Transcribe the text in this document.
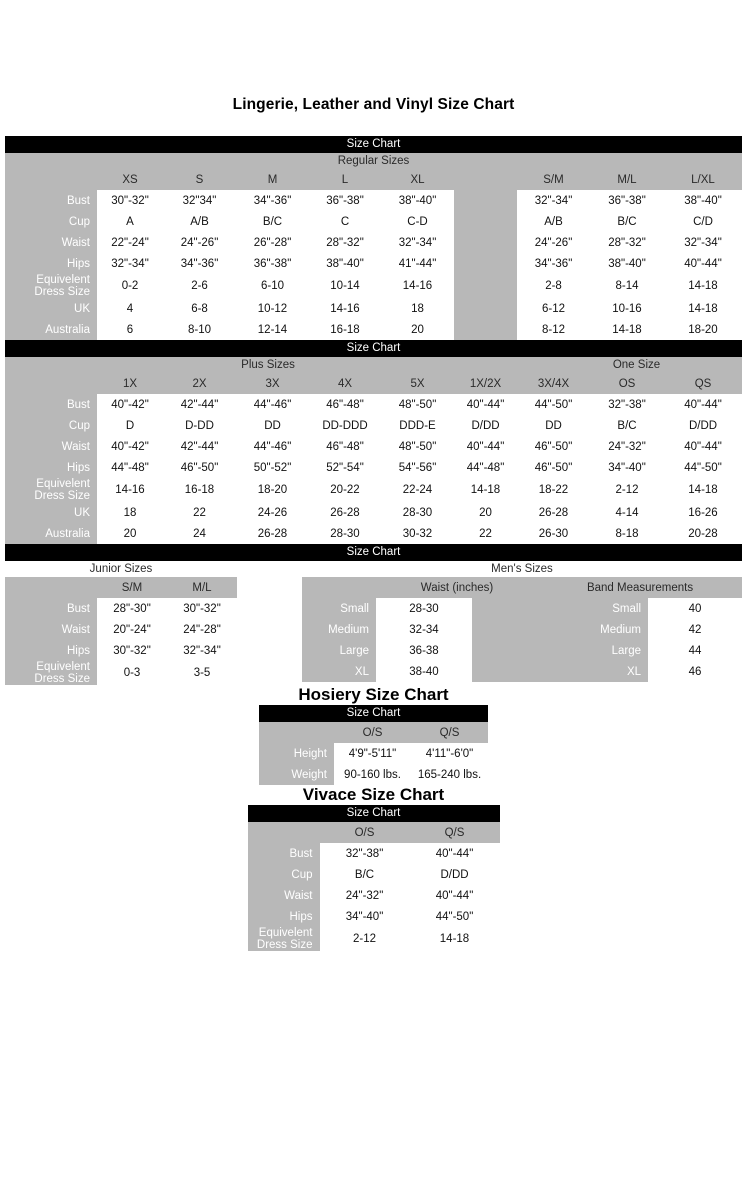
Lingerie, Leather and Vinyl Size Chart
Size Chart
Regular Sizes
	XS	S	M	L	XL		S/M	M/L	L/XL
Bust	30"-32"	32"34"	34"-36"	36"-38"	38"-40"		32"-34"	36"-38"	38"-40"
Cup	A	A/B	B/C	C	C-D		A/B	B/C	C/D
Waist	22"-24"	24"-26"	26"-28"	28"-32"	32"-34"		24"-26"	28"-32"	32"-34"
Hips	32"-34"	34"-36"	36"-38"	38"-40"	41"-44"		34"-36"	38"-40"	40"-44"

Equivelent
Dress Size	0-2	2-6	6-10	10-14	14-16		2-8	8-14	14-18
UK	4	6-8	10-12	14-16	18		6-12	10-16	14-18
Australia	6	8-10	12-14	16-18	20		8-12	14-18	18-20
Size Chart
Plus Sizes	One Size
	1X	2X	3X	4X	5X	1X/2X	3X/4X	OS	QS
Bust	40"-42"	42"-44"	44"-46"	46"-48"	48"-50"	40"-44"	44"-50"	32"-38"	40"-44"
Cup	D	D-DD	DD	DD-DDD	DDD-E	D/DD	DD	B/C	D/DD
Waist	40"-42"	42"-44"	44"-46"	46"-48"	48"-50"	40"-44"	46"-50"	24"-32"	40"-44"
Hips	44"-48"	46"-50"	50"-52"	52"-54"	54"-56"	44"-48"	46"-50"	34"-40"	44"-50"

Equivelent
Dress Size	14-16	16-18	18-20	20-22	22-24	14-18	18-22	2-12	14-18
UK	18	22	24-26	26-28	28-30	20	26-28	4-14	16-26
Australia	20	24	26-28	28-30	30-32	22	26-30	8-18	20-28
Size Chart
Junior Sizes	Men's Sizes
	S/M	M/L
Bust	28"-30"	30"-32"
Waist	20"-24"	24"-28"
Hips	30"-32"	32"-34"

Equivelent
Dress Size	0-3	3-5
	Waist (inches)		Band Measurements	
Small	28-30		Small	40
Medium	32-34		Medium	42
Large	36-38		Large	44
XL	38-40		XL	46
Hosiery Size Chart
Size Chart
	O/S	Q/S
Height	4'9"-5'11"	4'11"-6'0"
Weight	90-160 lbs.	165-240 lbs.
Vivace Size Chart
Size Chart
	O/S	Q/S
Bust	32"-38"	40"-44"
Cup	B/C	D/DD
Waist	24"-32"	40"-44"
Hips	34"-40"	44"-50"

Equivelent
Dress Size	2-12	14-18
